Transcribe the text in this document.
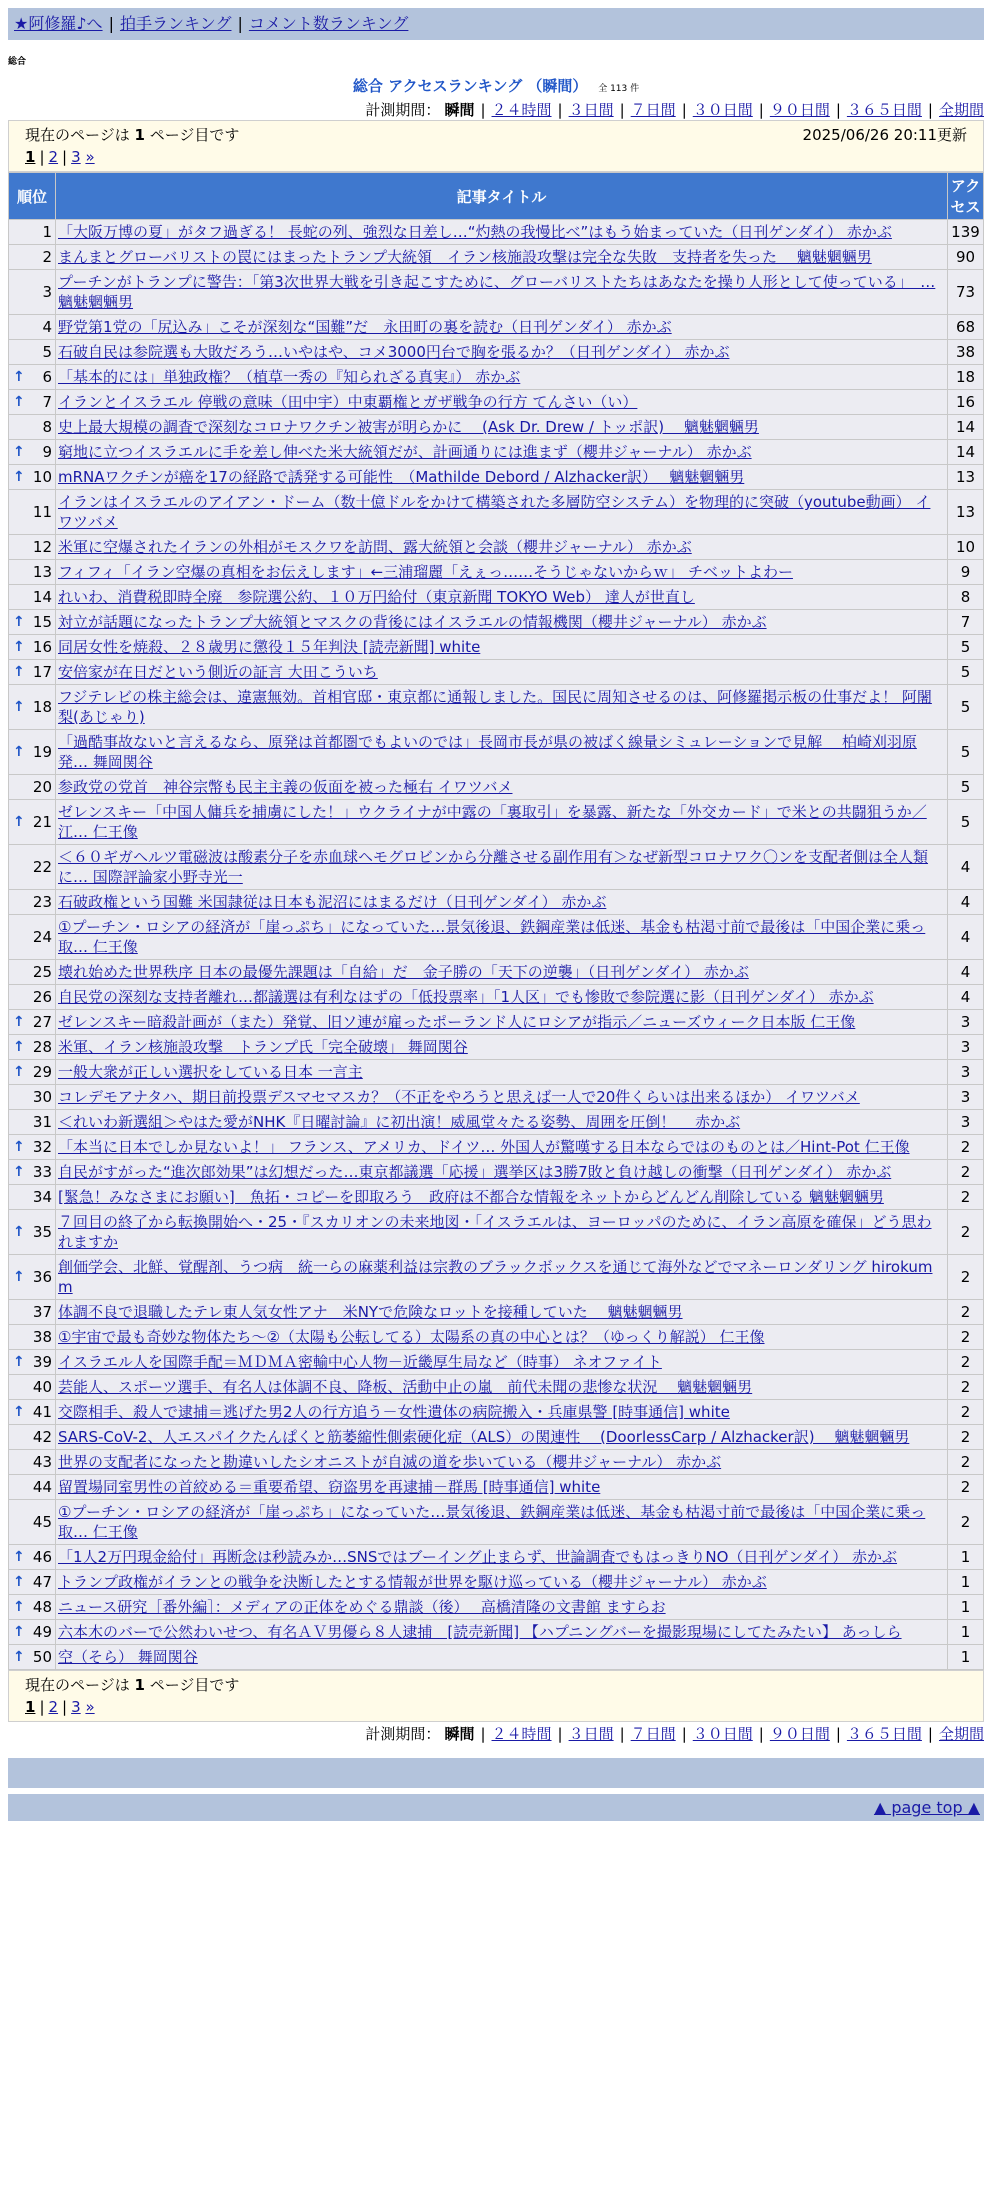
★阿修羅♪へ | 拍手ランキング | コメント数ランキング
総合
総合 アクセスランキング （瞬間） 全 113 件
計測期間： 瞬間 | ２４時間 | ３日間 | ７日間 | ３０日間 | ９０日間 | ３６５日間 | 全期間
現在のページは 1 ページ目です	2025/06/26 20:11更新
1 | 2 | 3 »
順位	記事タイトル	アクセス
1	「大阪万博の夏」がタフ過ぎる！ 長蛇の列、強烈な日差し…“灼熱の我慢比べ”はもう始まっていた（日刊ゲンダイ） 赤かぶ	139
2	まんまとグローバリストの罠にはまったトランプ大統領　イラン核施設攻撃は完全な失敗　支持者を失った　 魑魅魍魎男	90
3	プーチンがトランプに警告：「第3次世界大戦を引き起こすために、グローバリストたちはあなたを操り人形として使っている」　… 魑魅魍魎男	73
4	野党第1党の「尻込み」こそが深刻な“国難”だ　永田町の裏を読む（日刊ゲンダイ） 赤かぶ	68
5	石破自民は参院選も大敗だろう…いやはや、コメ3000円台で胸を張るか？（日刊ゲンダイ） 赤かぶ	38

↑ 6	「基本的には」単独政権？（植草一秀の『知られざる真実』） 赤かぶ	18

↑ 7	イランとイスラエル 停戦の意味（田中宇）中東覇権とガザ戦争の行方 てんさい（い）	16
8	史上最大規模の調査で深刻なコロナワクチン被害が明らかに　 (Ask Dr. Drew / トッポ訳)　 魑魅魍魎男	14

↑ 9	窮地に立つイスラエルに手を差し伸べた米大統領だが、計画通りには進まず（櫻井ジャーナル） 赤かぶ	14

↑ 10	mRNAワクチンが癌を17の経路で誘発する可能性　（Mathilde Debord / Alzhacker訳）　 魑魅魍魎男	13
11	イランはイスラエルのアイアン・ドーム（数十億ドルをかけて構築された多層防空システム）を物理的に突破（youtube動画） イワツバメ	13
12	米軍に空爆されたイランの外相がモスクワを訪問、露大統領と会談（櫻井ジャーナル） 赤かぶ	10
13	フィフィ「イラン空爆の真相をお伝えします」←三浦瑠麗「えぇっ……そうじゃないからｗ」 チベットよわー	9
14	れいわ、消費税即時全廃　参院選公約、１０万円給付（東京新聞 TOKYO Web） 達人が世直し	8

↑ 15	対立が話題になったトランプ大統領とマスクの背後にはイスラエルの情報機関（櫻井ジャーナル） 赤かぶ	7

↑ 16	同居女性を焼殺、２８歳男に懲役１５年判決 [読売新聞] white	5

↑ 17	安倍家が在日だという側近の証言 大田こういち	5

↑ 18	フジテレビの株主総会は、違憲無効。首相官邸・東京都に通報しました。国民に周知させるのは、阿修羅掲示板の仕事だよ！ 阿闍梨(あじゃり)	5

↑ 19	「過酷事故ないと言えるなら、原発は首都圏でもよいのでは」長岡市長が県の被ばく線量シミュレーションで見解　 柏崎刈羽原発… 舞岡関谷	5
20	参政党の党首　神谷宗幣も民主主義の仮面を被った極右 イワツバメ	5

↑ 21	ゼレンスキー「中国人傭兵を捕虜にした！」ウクライナが中露の「裏取引」を暴露、新たな「外交カード」で米との共闘狙うか／江… 仁王像	5
22	＜６０ギガヘルツ電磁波は酸素分子を赤血球ヘモグロビンから分離させる副作用有＞なぜ新型コロナワク〇ンを支配者側は全人類に… 国際評論家小野寺光一	4
23	石破政権という国難 米国隷従は日本も泥沼にはまるだけ（日刊ゲンダイ） 赤かぶ	4
24	①プーチン・ロシアの経済が「崖っぷち」になっていた…景気後退、鉄鋼産業は低迷、基金も枯渇寸前で最後は「中国企業に乗っ取… 仁王像	4
25	壊れ始めた世界秩序 日本の最優先課題は「自給」だ　金子勝の「天下の逆襲」（日刊ゲンダイ） 赤かぶ	4
26	自民党の深刻な支持者離れ…都議選は有利なはずの「低投票率」「1人区」でも惨敗で参院選に影（日刊ゲンダイ） 赤かぶ	4

↑ 27	ゼレンスキー暗殺計画が（また）発覚、旧ソ連が雇ったポーランド人にロシアが指示／ニューズウィーク日本版 仁王像	3

↑ 28	米軍、イラン核施設攻撃　トランプ氏「完全破壊」 舞岡関谷	3

↑ 29	一般大衆が正しい選択をしている日本 一言主	3
30	コレデモアナタハ、期日前投票デスマセマスカ？（不正をやろうと思えば一人で20件くらいは出来るほか） イワツバメ	3
31	＜れいわ新選組＞やはた愛がNHK『日曜討論』に初出演！威風堂々たる姿勢、周囲を圧倒！　 赤かぶ	3

↑ 32	「本当に日本でしか見ないよ！」 フランス、アメリカ、ドイツ… 外国人が驚嘆する日本ならではのものとは／Hint-Pot 仁王像	2

↑ 33	自民がすがった“進次郎効果”は幻想だった…東京都議選「応援」選挙区は3勝7敗と負け越しの衝撃（日刊ゲンダイ） 赤かぶ	2
34	[緊急！みなさまにお願い]　魚拓・コピーを即取ろう　政府は不都合な情報をネットからどんどん削除している 魑魅魍魎男	2

↑ 35	７回目の終了から転換開始へ・25・『スカリオンの未来地図・「イスラエルは、ヨーロッパのために、イラン高原を確保」どう思われますか	2

↑ 36	創価学会、北鮮、覚醒剤、うつ病　統一らの麻薬利益は宗教のブラックボックスを通じて海外などでマネーロンダリング hirokumm	2
37	体調不良で退職したテレ東人気女性アナ　米NYで危険なロットを接種していた　 魑魅魍魎男	2
38	①宇宙で最も奇妙な物体たち〜②（太陽も公転してる）太陽系の真の中心とは？（ゆっくり解説） 仁王像	2

↑ 39	イスラエル人を国際手配＝ＭＤＭＡ密輸中心人物－近畿厚生局など（時事） ネオファイト	2
40	芸能人、スポーツ選手、有名人は体調不良、降板、活動中止の嵐　前代未聞の悲惨な状況　 魑魅魍魎男	2

↑ 41	交際相手、殺人で逮捕＝逃げた男2人の行方追う－女性遺体の病院搬入・兵庫県警 [時事通信] white	2
42	SARS-CoV-2、人エスパイクたんぱくと筋萎縮性側索硬化症（ALS）の関連性　 (DoorlessCarp / Alzhacker訳)　 魑魅魍魎男	2
43	世界の支配者になったと勘違いしたシオニストが自滅の道を歩いている（櫻井ジャーナル） 赤かぶ	2
44	留置場同室男性の首絞める＝重要希望、窃盗男を再逮捕－群馬 [時事通信] white	2
45	①プーチン・ロシアの経済が「崖っぷち」になっていた…景気後退、鉄鋼産業は低迷、基金も枯渇寸前で最後は「中国企業に乗っ取… 仁王像	2

↑ 46	「1人2万円現金給付」再断念は秒読みか…SNSではブーイング止まらず、世論調査でもはっきりNO（日刊ゲンダイ） 赤かぶ	1

↑ 47	トランプ政権がイランとの戦争を決断したとする情報が世界を駆け巡っている（櫻井ジャーナル） 赤かぶ	1

↑ 48	ニュース研究［番外編］：メディアの正体をめぐる鼎談（後）　 高橋清隆の文書館 ますらお	1

↑ 49	六本木のバーで公然わいせつ、有名ＡＶ男優ら８人逮捕　[読売新聞] 【ハプニングバーを撮影現場にしてたみたい】 あっしら	1

↑ 50	空（そら） 舞岡関谷	1
現在のページは 1 ページ目です
1 | 2 | 3 »
計測期間： 瞬間 | ２４時間 | ３日間 | ７日間 | ３０日間 | ９０日間 | ３６５日間 | 全期間
▲ page top ▲
